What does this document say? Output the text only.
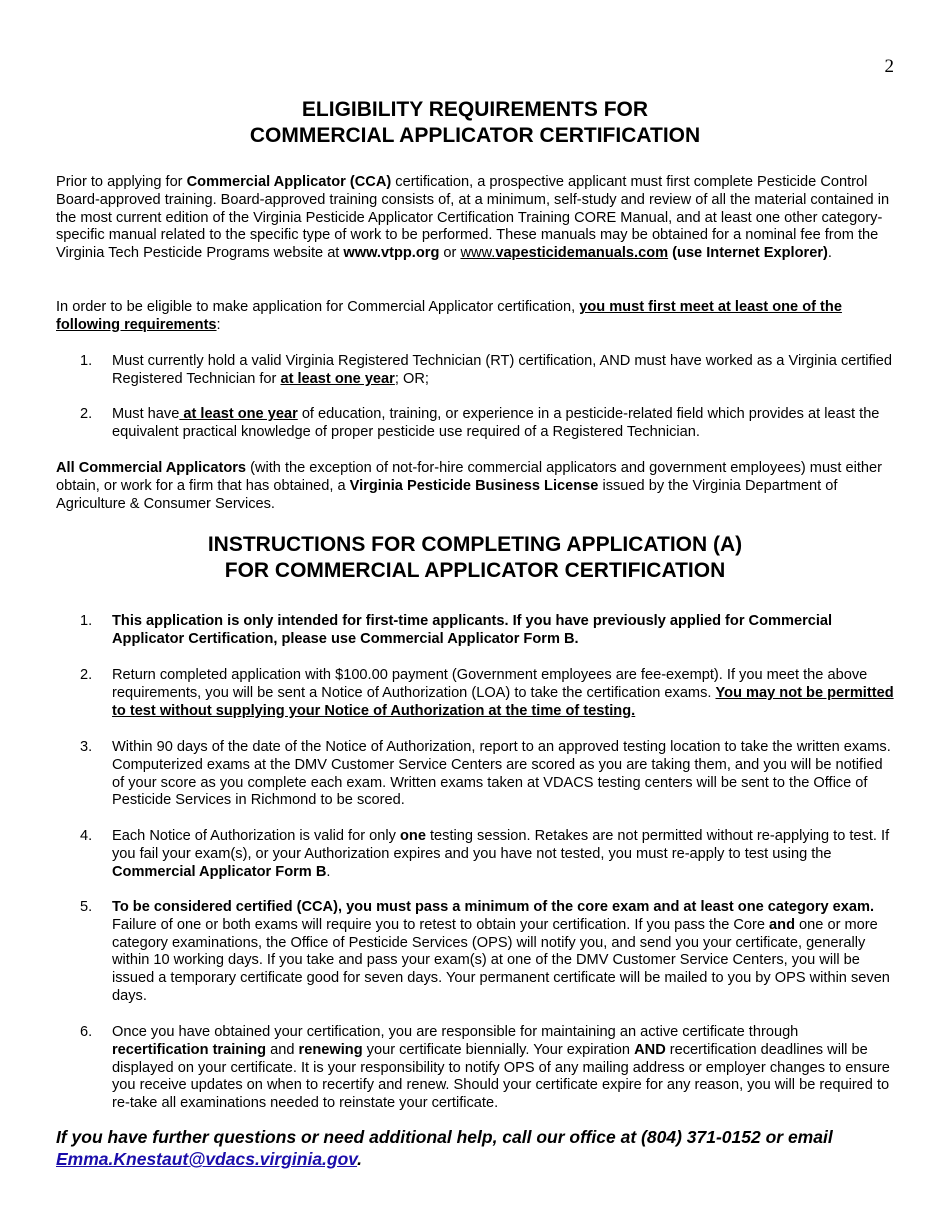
2
ELIGIBILITY REQUIREMENTS FOR
COMMERCIAL APPLICATOR CERTIFICATION

Prior to applying for Commercial Applicator (CCA) certification, a prospective applicant must first complete Pesticide Control Board-approved training. Board-approved training consists of, at a minimum, self-study and review of all the material contained in the most current edition of the Virginia Pesticide Applicator Certification Training CORE Manual, and at least one other category-specific manual related to the specific type of work to be performed. These manuals may be obtained for a nominal fee from the Virginia Tech Pesticide Programs website at www.vtpp.org or www.vapesticidemanuals.com (use Internet Explorer).

In order to be eligible to make application for Commercial Applicator certification, you must first meet at least one of the following requirements:

1.	Must currently hold a valid Virginia Registered Technician (RT) certification, AND must have worked as a Virginia certified Registered Technician for at least one year; OR;
2.	Must have at least one year of education, training, or experience in a pesticide-related field which provides at least the equivalent practical knowledge of proper pesticide use required of a Registered Technician.

All Commercial Applicators (with the exception of not-for-hire commercial applicators and government employees) must either obtain, or work for a firm that has obtained, a Virginia Pesticide Business License issued by the Virginia Department of Agriculture & Consumer Services.

INSTRUCTIONS FOR COMPLETING APPLICATION (A)
FOR COMMERCIAL APPLICATOR CERTIFICATION
1.	This application is only intended for first-time applicants. If you have previously applied for Commercial Applicator Certification, please use Commercial Applicator Form B.
2.	Return completed application with $100.00 payment (Government employees are fee-exempt). If you meet the above requirements, you will be sent a Notice of Authorization (LOA) to take the certification exams. You may not be permitted to test without supplying your Notice of Authorization at the time of testing.
3.	Within 90 days of the date of the Notice of Authorization, report to an approved testing location to take the written exams. Computerized exams at the DMV Customer Service Centers are scored as you are taking them, and you will be notified of your score as you complete each exam. Written exams taken at VDACS testing centers will be sent to the Office of Pesticide Services in Richmond to be scored.
4.	Each Notice of Authorization is valid for only one testing session. Retakes are not permitted without re-applying to test. If you fail your exam(s), or your Authorization expires and you have not tested, you must re-apply to test using the Commercial Applicator Form B.
5.	To be considered certified (CCA), you must pass a minimum of the core exam and at least one category exam. Failure of one or both exams will require you to retest to obtain your certification. If you pass the Core and one or more category examinations, the Office of Pesticide Services (OPS) will notify you, and send you your certificate, generally within 10 working days. If you take and pass your exam(s) at one of the DMV Customer Service Centers, you will be issued a temporary certificate good for seven days. Your permanent certificate will be mailed to you by OPS within seven days.
6.	Once you have obtained your certification, you are responsible for maintaining an active certificate through recertification training and renewing your certificate biennially. Your expiration AND recertification deadlines will be displayed on your certificate. It is your responsibility to notify OPS of any mailing address or employer changes to ensure you receive updates on when to recertify and renew. Should your certificate expire for any reason, you will be required to re-take all examinations needed to reinstate your certificate.
If you have further questions or need additional help, call our office at (804) 371-0152 or email Emma.Knestaut@vdacs.virginia.gov.
